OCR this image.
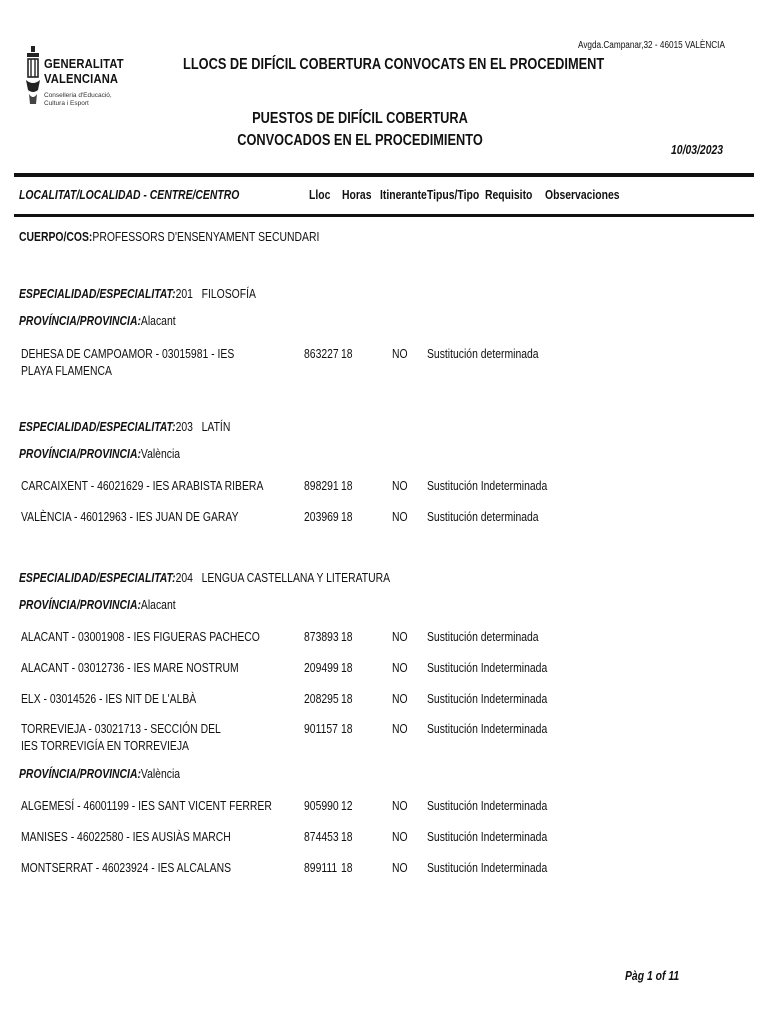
GENERALITAT
VALENCIANA
Conselleria d'Educació,
Cultura i Esport
Avgda.Campanar,32 - 46015 VALÈNCIA
LLOCS DE DIFÍCIL COBERTURA CONVOCATS EN EL PROCEDIMENT
PUESTOS DE DIFÍCIL COBERTURA CONVOCADOS EN EL PROCEDIMIENTO
10/03/2023
LOCALITAT/LOCALIDAD - CENTRE/CENTRO	Lloc Horas Itinerante Tipus/Tipo Requisito Observaciones
CUERPO/COS:PROFESSORS D'ENSENYAMENT SECUNDARI
ESPECIALIDAD/ESPECIALITAT:201 FILOSOFÍA
PROVÍNCIA/PROVINCIA:Alacant
DEHESA DE CAMPOAMOR - 03015981 - IES PLAYA FLAMENCA
863227 18	NO Sustitución determinada
ESPECIALIDAD/ESPECIALITAT:203 LATÍN
PROVÍNCIA/PROVINCIA:València
CARCAIXENT - 46021629 - IES ARABISTA RIBERA	898291 18	NO Sustitución Indeterminada
VALÈNCIA - 46012963 - IES JUAN DE GARAY	203969 18	NO Sustitución determinada
ESPECIALIDAD/ESPECIALITAT:204 LENGUA CASTELLANA Y LITERATURA
PROVÍNCIA/PROVINCIA:Alacant
ALACANT - 03001908 - IES FIGUERAS PACHECO	873893 18	NO Sustitución determinada
ALACANT - 03012736 - IES MARE NOSTRUM	209499 18	NO Sustitución Indeterminada
ELX - 03014526 - IES NIT DE L'ALBÀ	208295 18	NO Sustitución Indeterminada
TORREVIEJA - 03021713 - SECCIÓN DEL IES TORREVIGÍA EN TORREVIEJA
901157 18	NO Sustitución Indeterminada
PROVÍNCIA/PROVINCIA:València
ALGEMESÍ - 46001199 - IES SANT VICENT FERRER 905990 12	NO Sustitución Indeterminada
MANISES - 46022580 - IES AUSIÀS MARCH	874453 18	NO Sustitución Indeterminada
MONTSERRAT - 46023924 - IES ALCALANS	899111 18	NO Sustitución Indeterminada
Pàg 1 of 11
